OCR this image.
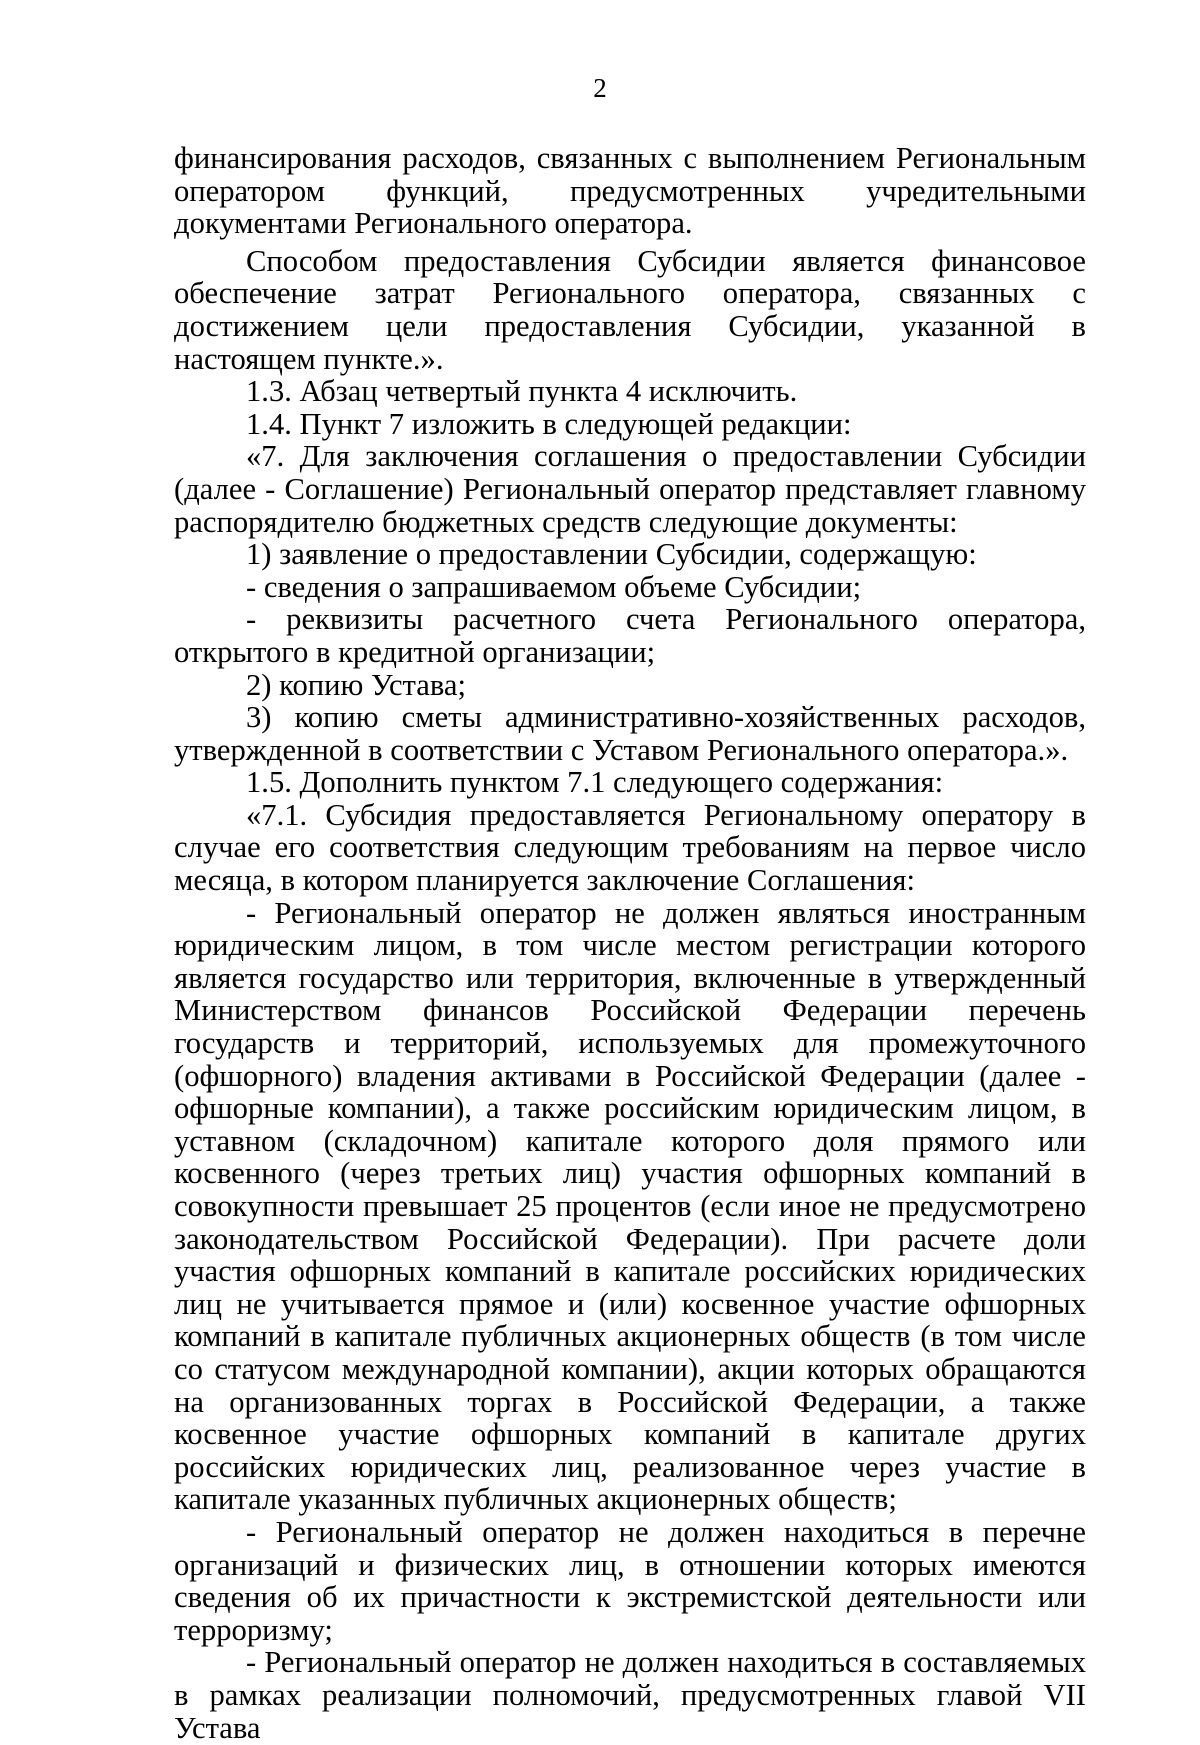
2

финансирования расходов, связанных с выполнением Региональным оператором функций, предусмотренных учредительными документами Регионального оператора.

Способом предоставления Субсидии является финансовое обеспечение затрат Регионального оператора, связанных с достижением цели предоставления Субсидии, указанной в настоящем пункте.».

1.3. Абзац четвертый пункта 4 исключить.

1.4. Пункт 7 изложить в следующей редакции:

«7. Для заключения соглашения о предоставлении Субсидии (далее - Соглашение) Региональный оператор представляет главному распорядителю бюджетных средств следующие документы:

1) заявление о предоставлении Субсидии, содержащую:

- сведения о запрашиваемом объеме Субсидии;

- реквизиты расчетного счета Регионального оператора, открытого в кредитной организации;

2) копию Устава;

3) копию сметы административно-хозяйственных расходов, утвержденной в соответствии с Уставом Регионального оператора.».

1.5. Дополнить пунктом 7.1 следующего содержания:

«7.1. Субсидия предоставляется Региональному оператору в случае его соответствия следующим требованиям на первое число месяца, в котором планируется заключение Соглашения:

- Региональный оператор не должен являться иностранным юридическим лицом, в том числе местом регистрации которого является государство или территория, включенные в утвержденный Министерством финансов Российской Федерации перечень государств и территорий, используемых для промежуточного (офшорного) владения активами в Российской Федерации (далее - офшорные компании), а также российским юридическим лицом, в уставном (складочном) капитале которого доля прямого или косвенного (через третьих лиц) участия офшорных компаний в совокупности превышает 25 процентов (если иное не предусмотрено законодательством Российской Федерации). При расчете доли участия офшорных компаний в капитале российских юридических лиц не учитывается прямое и (или) косвенное участие офшорных компаний в капитале публичных акционерных обществ (в том числе со статусом международной компании), акции которых обращаются на организованных торгах в Российской Федерации, а также косвенное участие офшорных компаний в капитале других российских юридических лиц, реализованное через участие в капитале указанных публичных акционерных обществ;

- Региональный оператор не должен находиться в перечне организаций и физических лиц, в отношении которых имеются сведения об их причастности к экстремистской деятельности или терроризму;

- Региональный оператор не должен находиться в составляемых в рамках реализации полномочий, предусмотренных главой VII Устава
